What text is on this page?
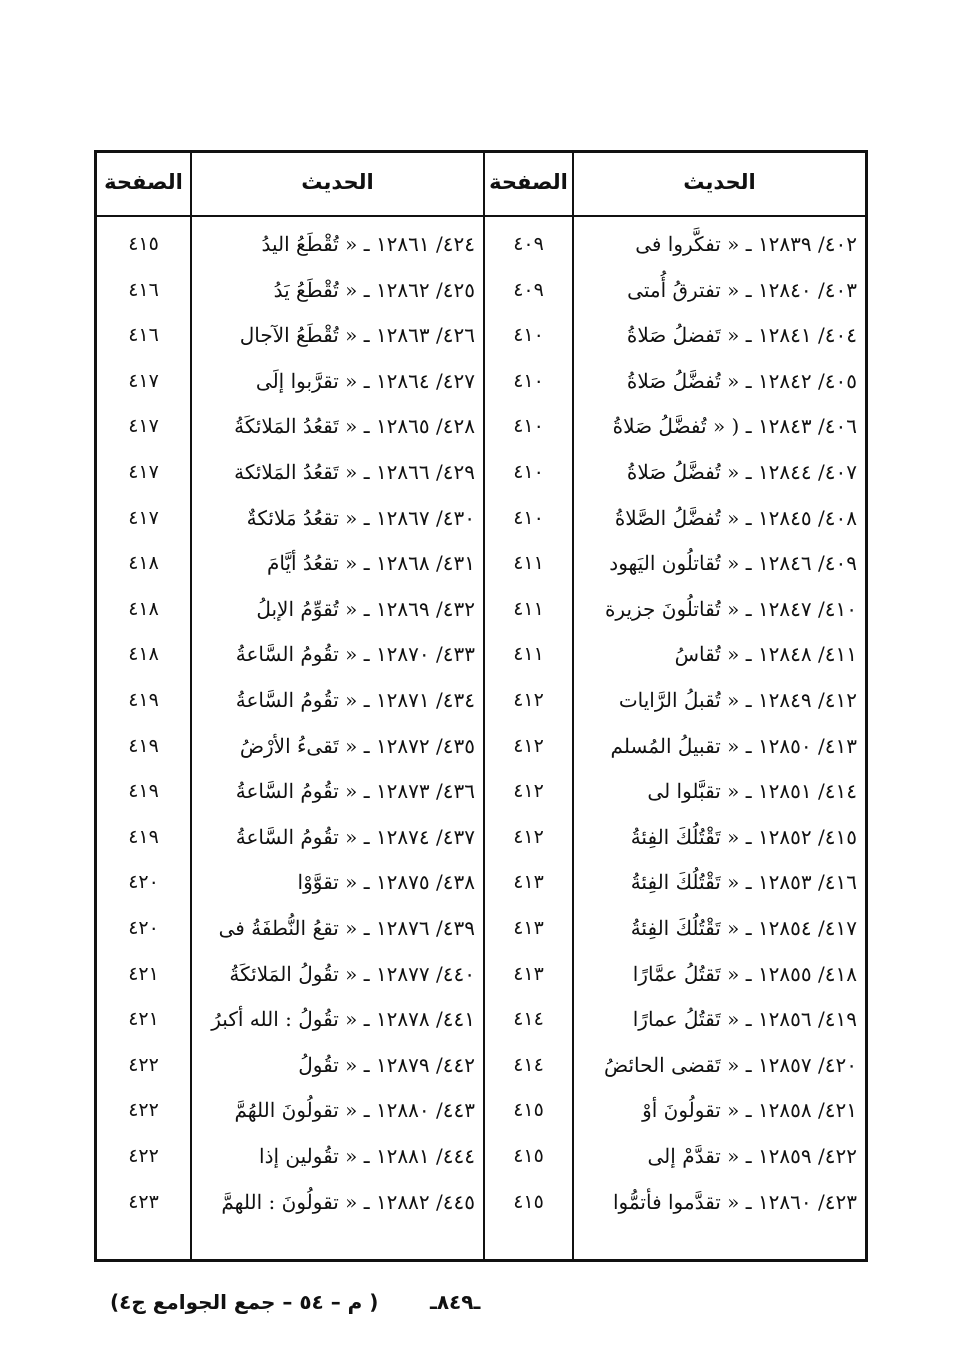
الحديث
الصفحة
الحديث
الصفحة
٤٠٢/ ١٢٨٣٩ ـ « تفكَّروا فى
٤٠٩
٤٢٤/ ١٢٨٦١ ـ « تُقْطَعُ اليدُ
٤١٥
٤٠٣/ ١٢٨٤٠ ـ « تفترقُ أُمتى
٤٠٩
٤٢٥/ ١٢٨٦٢ ـ « تُقْطَعُ يَدُ
٤١٦
٤٠٤/ ١٢٨٤١ ـ « تَفضلُ صَلاةُ
٤١٠
٤٢٦/ ١٢٨٦٣ ـ « تُقْطَعُ الآجال
٤١٦
٤٠٥/ ١٢٨٤٢ ـ « تُفضَّلُ صَلاةُ
٤١٠
٤٢٧/ ١٢٨٦٤ ـ « تقرَّبوا إلَى
٤١٧
٤٠٦/ ١٢٨٤٣ ـ ( « تُفضَّلُ صَلاةُ
٤١٠
٤٢٨/ ١٢٨٦٥ ـ « تَقعُدُ المَلائكَةُ
٤١٧
٤٠٧/ ١٢٨٤٤ ـ « تُفضَّلُ صَلاةُ
٤١٠
٤٢٩/ ١٢٨٦٦ ـ « تَقعُدُ المَلائكة
٤١٧
٤٠٨/ ١٢٨٤٥ ـ « تُفضَّلُ الصَّلاةُ
٤١٠
٤٣٠/ ١٢٨٦٧ ـ « تقعُدُ مَلائكةٌ
٤١٧
٤٠٩/ ١٢٨٤٦ ـ « تُقاتلُون اليَهود
٤١١
٤٣١/ ١٢٨٦٨ ـ « تقعُدُ أيَّامَ
٤١٨
٤١٠/ ١٢٨٤٧ ـ « تُقاتلُونَ جزيرة
٤١١
٤٣٢/ ١٢٨٦٩ ـ « تُقوِّمُ الإبلُ
٤١٨
٤١١/ ١٢٨٤٨ ـ « تُقاسُ
٤١١
٤٣٣/ ١٢٨٧٠ ـ « تقُومُ السَّاعةُ
٤١٨
٤١٢/ ١٢٨٤٩ ـ « تُقبلُ الرَّايات
٤١٢
٤٣٤/ ١٢٨٧١ ـ « تقُومُ السَّاعةُ
٤١٩
٤١٣/ ١٢٨٥٠ ـ « تقبيلُ المُسلم
٤١٢
٤٣٥/ ١٢٨٧٢ ـ « تَقىءُ الأرْضُ
٤١٩
٤١٤/ ١٢٨٥١ ـ « تقبَّلوا لى
٤١٢
٤٣٦/ ١٢٨٧٣ ـ « تقُومُ السَّاعةُ
٤١٩
٤١٥/ ١٢٨٥٢ ـ « تَقْتُلُكَ الفِئةُ
٤١٢
٤٣٧/ ١٢٨٧٤ ـ « تقُومُ السَّاعةُ
٤١٩
٤١٦/ ١٢٨٥٣ ـ « تَقْتُلُكَ الفِئةُ
٤١٣
٤٣٨/ ١٢٨٧٥ ـ « تقوَّوْا
٤٢٠
٤١٧/ ١٢٨٥٤ ـ « تَقْتُلُكَ الفِئةُ
٤١٣
٤٣٩/ ١٢٨٧٦ ـ « تقعُ النُّطفَةُ فى
٤٢٠
٤١٨/ ١٢٨٥٥ ـ « تَقتُلُ عمَّارًا
٤١٣
٤٤٠/ ١٢٨٧٧ ـ « تقُولُ المَلائكَةُ
٤٢١
٤١٩/ ١٢٨٥٦ ـ « تَقتُلُ عمارًا
٤١٤
٤٤١/ ١٢٨٧٨ ـ « تقُولُ : الله أكبرُ
٤٢١
٤٢٠/ ١٢٨٥٧ ـ « تَقضى الحائضُ
٤١٤
٤٤٢/ ١٢٨٧٩ ـ « تقُولُ
٤٢٢
٤٢١/ ١٢٨٥٨ ـ « تقولُونَ أوْ
٤١٥
٤٤٣/ ١٢٨٨٠ ـ « تقولُونَ اللهُمَّ
٤٢٢
٤٢٢/ ١٢٨٥٩ ـ « تقدَّمْ إلى
٤١٥
٤٤٤/ ١٢٨٨١ ـ « تقُولين إذا
٤٢٢
٤٢٣/ ١٢٨٦٠ ـ « تقدَّموا فأتمُّوا
٤١٥
٤٤٥/ ١٢٨٨٢ ـ « تقولُونَ : اللهمَّ
٤٢٣
ـ٨٤٩ـ
( م – ٥٤ – جمع الجوامع ج٤)
